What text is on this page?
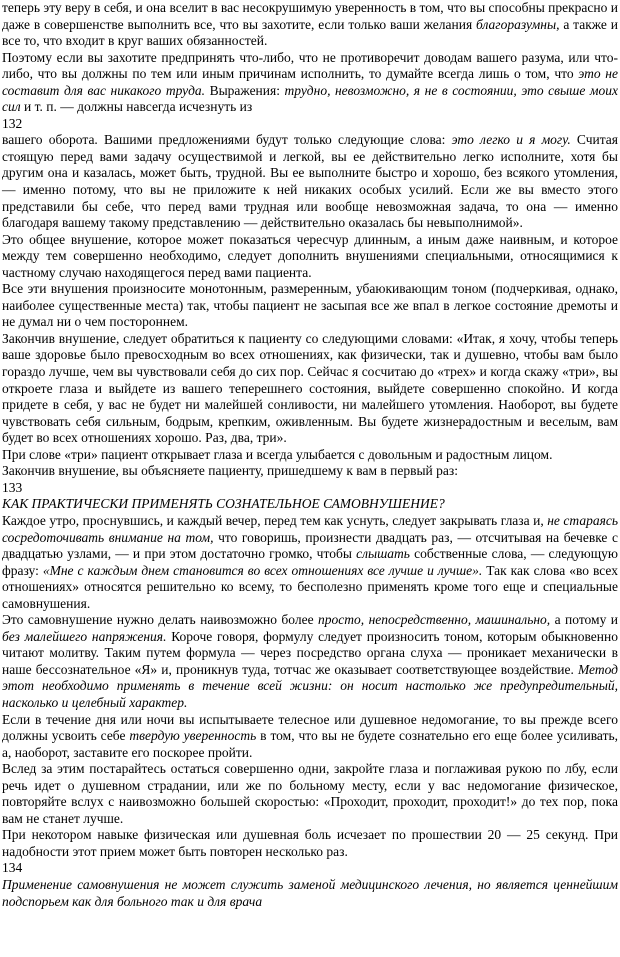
теперь эту веру в себя, и она вселит в вас несокрушимую уверенность в том, что вы способны прекрасно и даже в совершенстве выполнить все, что вы захотите, если только ваши желания благоразумны, а также и все то, что входит в круг ваших обязанностей.

Поэтому если вы захотите предпринять что-либо, что не противоречит доводам вашего разума, или что-либо, что вы должны по тем или иным причинам исполнить, то думайте всегда лишь о том, что это не составит для вас никакого труда. Выражения: трудно, невозможно, я не в состоянии, это свыше моих сил и т. п. — должны навсегда исчезнуть из

132

вашего оборота. Вашими предложениями будут только следующие слова: это легко и я могу. Считая стоящую перед вами задачу осуществимой и легкой, вы ее действительно легко исполните, хотя бы другим она и казалась, может быть, трудной. Вы ее выполните быстро и хорошо, без всякого утомления, — именно потому, что вы не приложите к ней никаких особых усилий. Если же вы вместо этого представили бы себе, что перед вами трудная или вообще невозможная задача, то она — именно благодаря вашему такому представлению — действительно оказалась бы невыполнимой».

Это общее внушение, которое может показаться чересчур длинным, а иным даже наивным, и которое между тем совершенно необходимо, следует дополнить внушениями специальными, относящимися к частному случаю находящегося перед вами пациента.

Все эти внушения произносите монотонным, размеренным, убаюкивающим тоном (подчеркивая, однако, наиболее существенные места) так, чтобы пациент не засыпая все же впал в легкое состояние дремоты и не думал ни о чем постороннем.

Закончив внушение, следует обратиться к пациенту со следующими словами: «Итак, я хочу, чтобы теперь ваше здоровье было превосходным во всех отношениях, как физически, так и душевно, чтобы вам было гораздо лучше, чем вы чувствовали себя до сих пор. Сейчас я сосчитаю до «трех» и когда скажу «три», вы откроете глаза и выйдете из вашего теперешнего состояния, выйдете совершенно спокойно. И когда придете в себя, у вас не будет ни малейшей сонливости, ни малейшего утомления. Наоборот, вы будете чувствовать себя сильным, бодрым, крепким, оживленным. Вы будете жизнерадостным и веселым, вам будет во всех отношениях хорошо. Раз, два, три».

При слове «три» пациент открывает глаза и всегда улыбается с довольным и радостным лицом.

Закончив внушение, вы объясняете пациенту, пришедшему к вам в первый раз:

133

КАК ПРАКТИЧЕСКИ ПРИМЕНЯТЬ СОЗНАТЕЛЬНОЕ САМОВНУШЕНИЕ?

Каждое утро, проснувшись, и каждый вечер, перед тем как уснуть, следует закрывать глаза и, не стараясь сосредоточивать внимание на том, что говоришь, произнести двадцать раз, — отсчитывая на бечевке с двадцатью узлами, — и при этом достаточно громко, чтобы слышать собственные слова, — следующую фразу: «Мне с каждым днем становится во всех отношениях все лучше и лучше». Так как слова «во всех отношениях» относятся решительно ко всему, то бесполезно применять кроме того еще и специальные самовнушения.

Это самовнушение нужно делать наивозможно более просто, непосредственно, машинально, а потому и без малейшего напряжения. Короче говоря, формулу следует произносить тоном, которым обыкновенно читают молитву. Таким путем формула — через посредство органа слуха — проникает механически в наше бессознательное «Я» и, проникнув туда, тотчас же оказывает соответствующее воздействие. Метод этот необходимо применять в течение всей жизни: он носит настолько же предупредительный, насколько и целебный характер.

Если в течение дня или ночи вы испытываете телесное или душевное недомогание, то вы прежде всего должны усвоить себе твердую уверенность в том, что вы не будете сознательно его еще более усиливать, а, наоборот, заставите его поскорее пройти.

Вслед за этим постарайтесь остаться совершенно одни, закройте глаза и поглаживая рукою по лбу, если речь идет о душевном страдании, или же по больному месту, если у вас недомогание физическое, повторяйте вслух с наивозможно большей скоростью: «Проходит, проходит, проходит!» до тех пор, пока вам не станет лучше.

При некотором навыке физическая или душевная боль исчезает по прошествии 20 — 25 секунд. При надобности этот прием может быть повторен несколько раз.

134

Применение самовнушения не может служить заменой медицинского лечения, но является ценнейшим подспорьем как для больного так и для врача
